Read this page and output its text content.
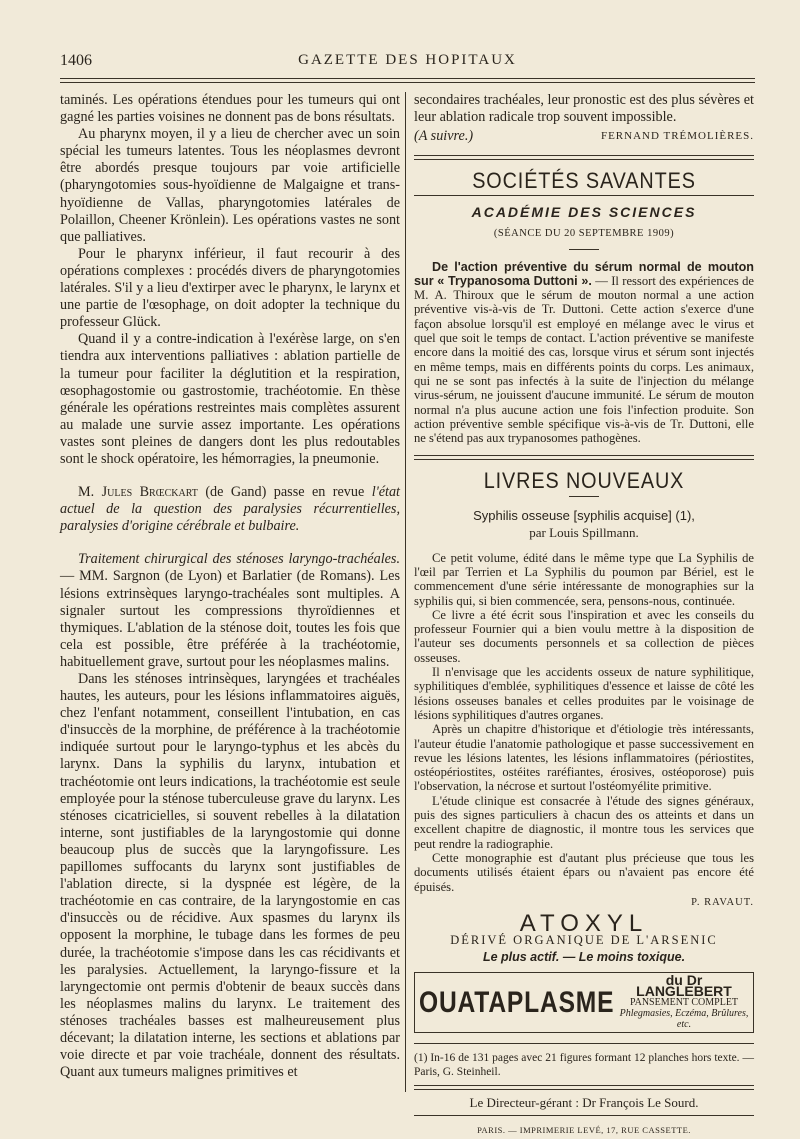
1406	GAZETTE DES HOPITAUX

taminés. Les opérations étendues pour les tumeurs qui ont gagné les parties voisines ne donnent pas de bons résultats.

Au pharynx moyen, il y a lieu de chercher avec un soin spécial les tumeurs latentes. Tous les néoplasmes devront être abordés presque toujours par voie artificielle (pharyngotomies sous-hyoïdienne de Malgaigne et trans-hyoïdienne de Vallas, pharyngotomies latérales de Polaillon, Cheener Krönlein). Les opérations vastes ne sont que palliatives.

Pour le pharynx inférieur, il faut recourir à des opérations complexes : procédés divers de pharyngotomies latérales. S'il y a lieu d'extirper avec le pharynx, le larynx et une partie de l'œsophage, on doit adopter la technique du professeur Glück.

Quand il y a contre-indication à l'exérèse large, on s'en tiendra aux interventions palliatives : ablation partielle de la tumeur pour faciliter la déglutition et la respiration, œsophagostomie ou gastrostomie, trachéotomie. En thèse générale les opérations restreintes mais complètes assurent au malade une survie assez importante. Les opérations vastes sont pleines de dangers dont les plus redoutables sont le shock opératoire, les hémorragies, la pneumonie.

M. Jules Brœckart (de Gand) passe en revue l'état actuel de la question des paralysies récurrentielles, paralysies d'origine cérébrale et bulbaire.

Traitement chirurgical des sténoses laryngo-trachéales. — MM. Sargnon (de Lyon) et Barlatier (de Romans). Les lésions extrinsèques laryngo-trachéales sont multiples. A signaler surtout les compressions thyroïdiennes et thymiques. L'ablation de la sténose doit, toutes les fois que cela est possible, être préférée à la trachéotomie, habituellement grave, surtout pour les néoplasmes malins.

Dans les sténoses intrinsèques, laryngées et trachéales hautes, les auteurs, pour les lésions inflammatoires aiguës, chez l'enfant notamment, conseillent l'intubation, en cas d'insuccès de la morphine, de préférence à la trachéotomie indiquée surtout pour le laryngo-typhus et les abcès du larynx. Dans la syphilis du larynx, intubation et trachéotomie ont leurs indications, la trachéotomie est seule employée pour la sténose tuberculeuse grave du larynx. Les sténoses cicatricielles, si souvent rebelles à la dilatation interne, sont justifiables de la laryngostomie qui donne beaucoup plus de succès que la laryngofissure. Les papillomes suffocants du larynx sont justifiables de l'ablation directe, si la dyspnée est légère, de la trachéotomie en cas contraire, de la laryngostomie en cas d'insuccès ou de récidive. Aux spasmes du larynx ils opposent la morphine, le tubage dans les formes de peu durée, la trachéotomie s'impose dans les cas récidivants et les paralysies. Actuellement, la laryngo-fissure et la laryngectomie ont permis d'obtenir de beaux succès dans les néoplasmes malins du larynx. Le traitement des sténoses trachéales basses est malheureusement plus décevant; la dilatation interne, les sections et ablations par voie directe et par voie trachéale, donnent des résultats. Quant aux tumeurs malignes primitives et

secondaires trachéales, leur pronostic est des plus sévères et leur ablation radicale trop souvent impossible.

(A suivre.)	FERNAND TRÉMOLIÈRES.
SOCIÉTÉS SAVANTES
ACADÉMIE DES SCIENCES
(SÉANCE DU 20 SEPTEMBRE 1909)

De l'action préventive du sérum normal de mouton sur « Trypanosoma Duttoni ». — Il ressort des expériences de M. A. Thiroux que le sérum de mouton normal a une action préventive vis-à-vis de Tr. Duttoni. Cette action s'exerce d'une façon absolue lorsqu'il est employé en mélange avec le virus et quel que soit le temps de contact. L'action préventive se manifeste encore dans la moitié des cas, lorsque virus et sérum sont injectés en même temps, mais en différents points du corps. Les animaux, qui ne se sont pas infectés à la suite de l'injection du mélange virus-sérum, ne jouissent d'aucune immunité. Le sérum de mouton normal n'a plus aucune action une fois l'infection produite. Son action préventive semble spécifique vis-à-vis de Tr. Duttoni, elle ne s'étend pas aux trypanosomes pathogènes.

LIVRES NOUVEAUX
Syphilis osseuse [syphilis acquise] (1),
par Louis Spillmann.

Ce petit volume, édité dans le même type que La Syphilis de l'œil par Terrien et La Syphilis du poumon par Bériel, est le commencement d'une série intéressante de monographies sur la syphilis qui, si bien commencée, sera, pensons-nous, continuée.

Ce livre a été écrit sous l'inspiration et avec les conseils du professeur Fournier qui a bien voulu mettre à la disposition de l'auteur ses documents personnels et sa collection de pièces osseuses.

Il n'envisage que les accidents osseux de nature syphilitique, syphilitiques d'emblée, syphilitiques d'essence et laisse de côté les lésions osseuses banales et celles produites par le voisinage de lésions syphilitiques d'autres organes.

Après un chapitre d'historique et d'étiologie très intéressants, l'auteur étudie l'anatomie pathologique et passe successivement en revue les lésions latentes, les lésions inflammatoires (périostites, ostéopériostites, ostéites raréfiantes, érosives, ostéoporose) puis l'observation, la nécrose et surtout l'ostéomyélite primitive.

L'étude clinique est consacrée à l'étude des signes généraux, puis des signes particuliers à chacun des os atteints et dans un excellent chapitre de diagnostic, il montre tous les services que peut rendre la radiographie.

Cette monographie est d'autant plus précieuse que tous les documents utilisés étaient épars ou n'avaient pas encore été épuisés.

P. RAVAUT.
ATOXYL
DÉRIVÉ ORGANIQUE DE L'ARSENIC
Le plus actif. — Le moins toxique.
OUATAPLASME
du Dr LANGLEBERT
PANSEMENT COMPLET
Phlegmasies, Eczéma, Brûlures, etc.

(1) In-16 de 131 pages avec 21 figures formant 12 planches hors texte. — Paris, G. Steinheil.

Le Directeur-gérant : Dr François Le Sourd.
PARIS. — IMPRIMERIE LEVÉ, 17, RUE CASSETTE.
